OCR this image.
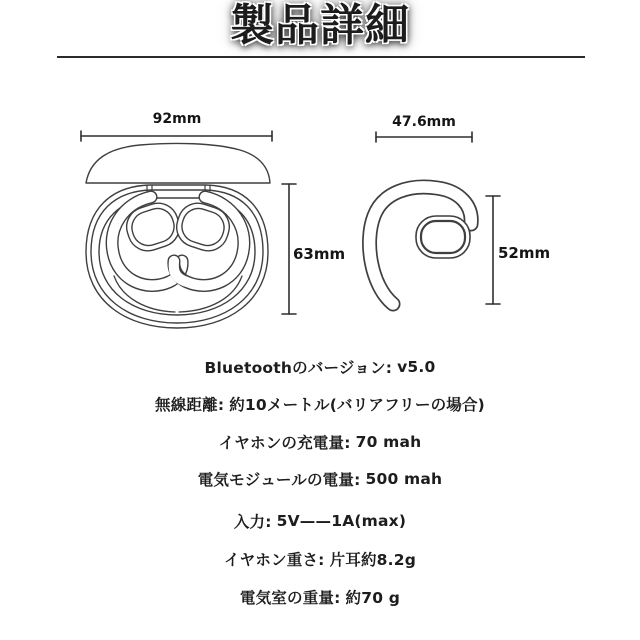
製品詳細
92mm
63mm
47.6mm
52mm
Bluetoothのバージョン: v5.0
無線距離: 約10メートル(バリアフリーの場合)
イヤホンの充電量: 70 mah
電気モジュールの電量: 500 mah
入力: 5V——1A(max)
イヤホン重さ: 片耳約8.2g
電気室の重量: 約70 g
